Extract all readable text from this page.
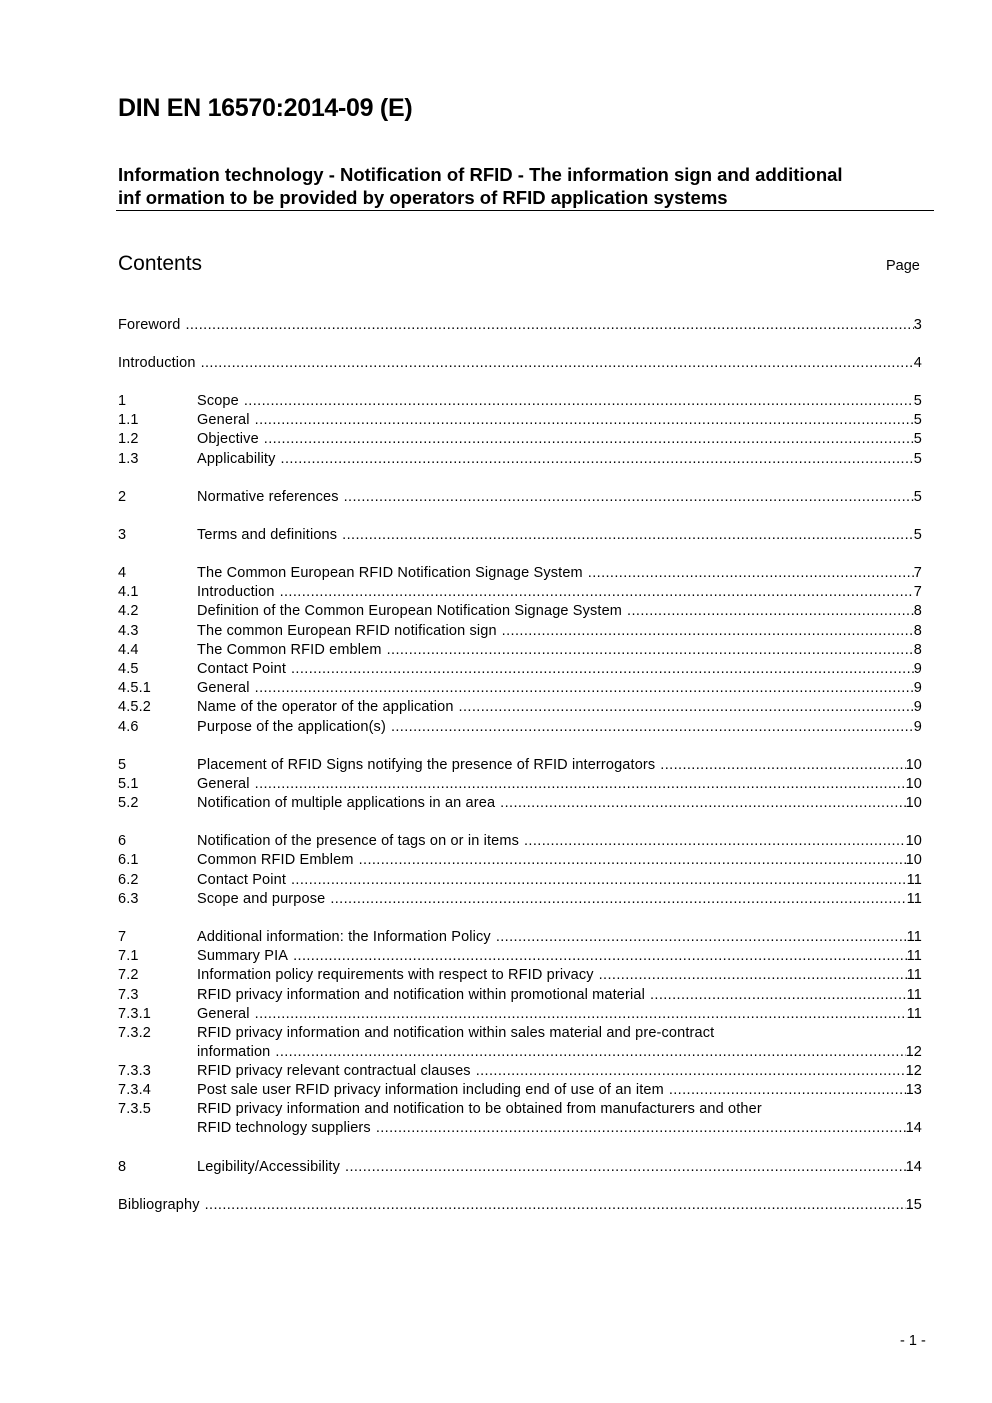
DIN EN 16570:2014-09 (E)
Information technology - Notification of RFID - The information sign and additional
inf ormation to be provided by operators of RFID application systems
Contents	Page
Foreword .....	3
Introduction .....	4
1	Scope .....	5
1.1	General .....	5
1.2	Objective .....	5
1.3	Applicability .....	5
2	Normative references .....	5
3	Terms and definitions .....	5
4	The Common European RFID Notification Signage System .....	7
4.1	Introduction .....	7
4.2	Definition of the Common European Notification Signage System .....	8
4.3	The common European RFID notification sign .....	8
4.4	The Common RFID emblem .....	8
4.5	Contact Point .....	9
4.5.1	General .....	9
4.5.2	Name of the operator of the application .....	9
4.6	Purpose of the application(s) .....	9
5	Placement of RFID Signs notifying the presence of RFID interrogators .....	10
5.1	General .....	10
5.2	Notification of multiple applications in an area .....	10
6	Notification of the presence of tags on or in items .....	10
6.1	Common RFID Emblem .....	10
6.2	Contact Point .....	11
6.3	Scope and purpose .....	11
7	Additional information: the Information Policy .....	11
7.1	Summary PIA .....	11
7.2	Information policy requirements with respect to RFID privacy .....	11
7.3	RFID privacy information and notification within promotional material .....	11
7.3.1	General .....	11
7.3.2	RFID privacy information and notification within sales material and pre-contract
information .....	12
7.3.3	RFID privacy relevant contractual clauses .....	12
7.3.4	Post sale user RFID privacy information including end of use of an item .....	13
7.3.5	RFID privacy information and notification to be obtained from manufacturers and other
RFID technology suppliers .....	14
8	Legibility/Accessibility .....	14
Bibliography .....	15
- 1 -
